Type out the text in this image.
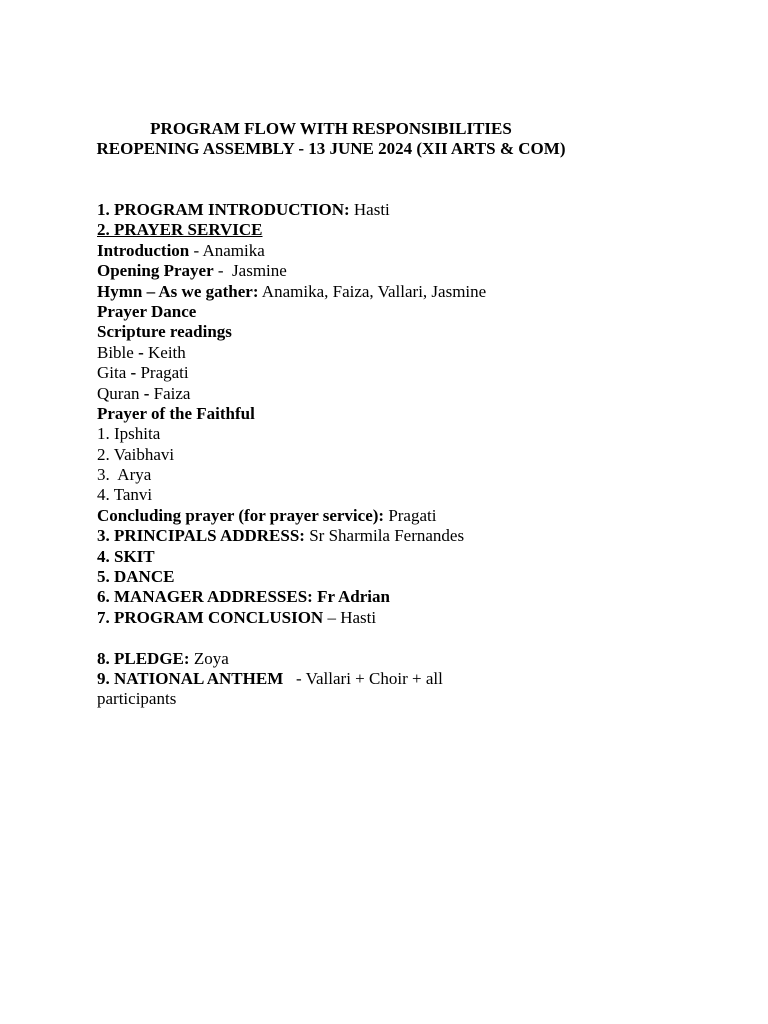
PROGRAM FLOW WITH RESPONSIBILITIES
REOPENING ASSEMBLY - 13 JUNE 2024 (XII ARTS & COM)
1. PROGRAM INTRODUCTION: Hasti
2. PRAYER SERVICE
Introduction - Anamika
Opening Prayer -  Jasmine
Hymn – As we gather: Anamika, Faiza, Vallari, Jasmine
Prayer Dance
Scripture readings
Bible - Keith
Gita - Pragati
Quran - Faiza
Prayer of the Faithful
1. Ipshita
2. Vaibhavi
3.  Arya
4. Tanvi
Concluding prayer (for prayer service): Pragati
3. PRINCIPALS ADDRESS: Sr Sharmila Fernandes
4. SKIT
5. DANCE
6. MANAGER ADDRESSES: Fr Adrian
7. PROGRAM CONCLUSION – Hasti
8. PLEDGE: Zoya
9. NATIONAL ANTHEM   - Vallari + Choir + all participants
